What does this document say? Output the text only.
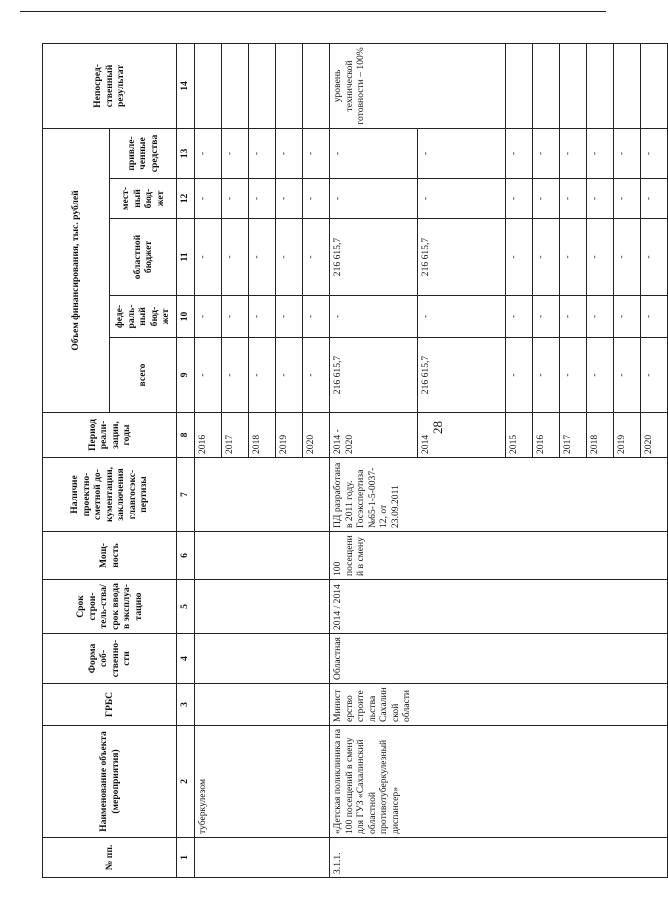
28
№ пп.	Наименование объекта (мероприятия)	ГРБС	Форма соб-ственно-сти	Срок строи-тель-ства/срок ввода в эксплуа-тацию	Мощ-ность	Наличие проектно-сметной до-кументации, заключения главгосэкс-пертизы	Период реали-зации, годы	Объем финансирования, тыс. рублей					Непосред-ственный результат
								всего	феде-раль-ный бюд-жет	областной бюджет	мест-ный бюд-жет	привле-ченные средства	
1	2	3	4	5	6	7	8	9	10	11	12	13	14
	туберкулезом						2016	-	-	-	-	-	
							2017	-	-	-	-	-	
							2018	-	-	-	-	-	
							2019	-	-	-	-	-	
							2020	-	-	-	-	-	
3.1.1.	«Детская поликлиника на 100 посещений в смену для ГУЗ «Сахалинский областной противотуберкулезный диспансер»	Министерство строительства Сахалинской области	Областная	2014 / 2014	100 посещений в смену	ПД разработана в 2011 году. Госэкспертиза №65-1-5-0037-12, от 23.09.2011	2014 - 2020	216 615,7	-	216 615,7	-	-	уровень технической готовности – 100%
							2014	216 615,7	-	216 615,7	-	-	
							2015	-	-	-	-	-	
							2016	-	-	-	-	-	
							2017	-	-	-	-	-	
							2018	-	-	-	-	-	
							2019	-	-	-	-	-	
							2020	-	-	-	-	-	
